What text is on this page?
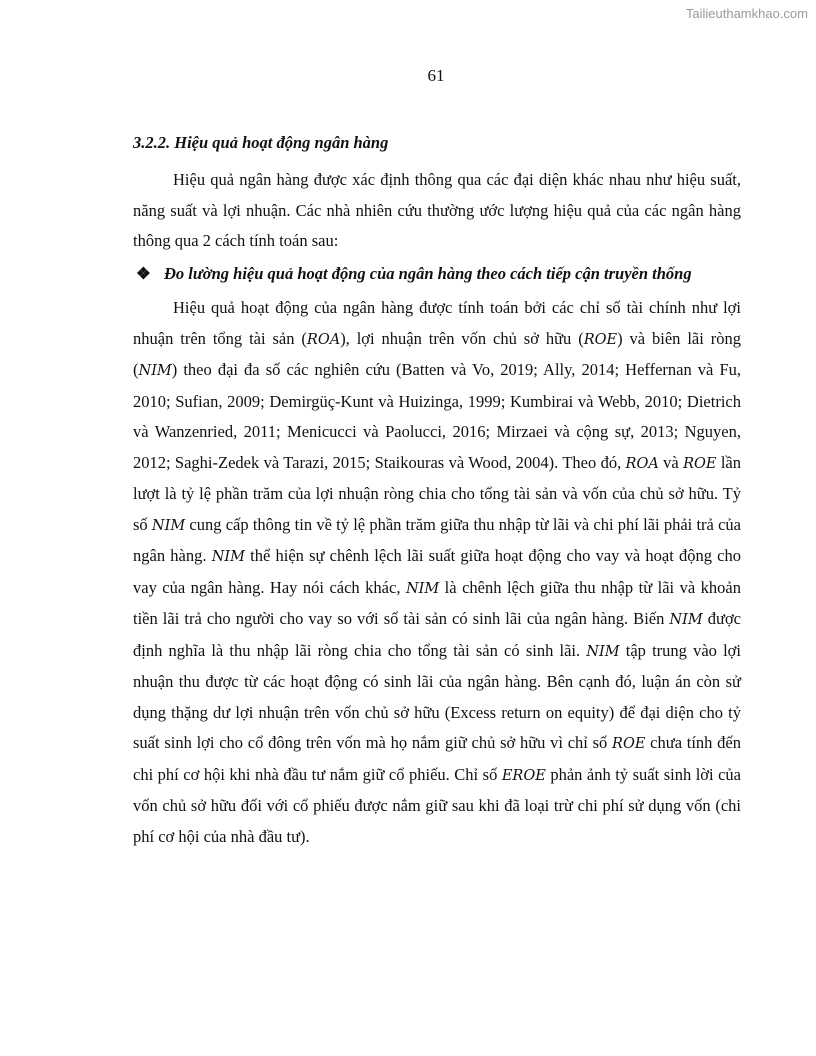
Tailieuthamkhao.com
61
3.2.2. Hiệu quả hoạt động ngân hàng

Hiệu quả ngân hàng được xác định thông qua các đại diện khác nhau như hiệu suất, năng suất và lợi nhuận. Các nhà nhiên cứu thường ước lượng hiệu quả của các ngân hàng thông qua 2 cách tính toán sau:

❖ Đo lường hiệu quả hoạt động của ngân hàng theo cách tiếp cận truyền thống

Hiệu quả hoạt động của ngân hàng được tính toán bởi các chỉ số tài chính như lợi nhuận trên tổng tài sản (𝑅𝑂𝐴), lợi nhuận trên vốn chủ sở hữu (𝑅𝑂𝐸) và biên lãi ròng (𝑁𝐼𝑀) theo đại đa số các nghiên cứu (Batten và Vo, 2019; Ally, 2014; Heffernan và Fu, 2010; Sufian, 2009; Demirgüç-Kunt và Huizinga, 1999; Kumbirai và Webb, 2010; Dietrich và Wanzenried, 2011; Menicucci và Paolucci, 2016; Mirzaei và cộng sự, 2013; Nguyen, 2012; Saghi-Zedek và Tarazi, 2015; Staikouras và Wood, 2004). Theo đó, 𝑅𝑂𝐴 và 𝑅𝑂𝐸 lần lượt là tỷ lệ phần trăm của lợi nhuận ròng chia cho tổng tài sản và vốn của chủ sở hữu. Tỷ số 𝑁𝐼𝑀 cung cấp thông tin về tỷ lệ phần trăm giữa thu nhập từ lãi và chi phí lãi phải trả của ngân hàng. 𝑁𝐼𝑀 thể hiện sự chênh lệch lãi suất giữa hoạt động cho vay và hoạt động cho vay của ngân hàng. Hay nói cách khác, 𝑁𝐼𝑀 là chênh lệch giữa thu nhập từ lãi và khoản tiền lãi trả cho người cho vay so với số tài sản có sinh lãi của ngân hàng. Biến 𝑁𝐼𝑀 được định nghĩa là thu nhập lãi ròng chia cho tổng tài sản có sinh lãi. 𝑁𝐼𝑀 tập trung vào lợi nhuận thu được từ các hoạt động có sinh lãi của ngân hàng. Bên cạnh đó, luận án còn sử dụng thặng dư lợi nhuận trên vốn chủ sở hữu (Excess return on equity) để đại diện cho tỷ suất sinh lợi cho cổ đông trên vốn mà họ nắm giữ chủ sở hữu vì chỉ số 𝑅𝑂𝐸 chưa tính đến chi phí cơ hội khi nhà đầu tư nắm giữ cổ phiếu. Chỉ số 𝐸𝑅𝑂𝐸 phản ảnh tỷ suất sinh lời của vốn chủ sở hữu đối với cổ phiếu được nắm giữ sau khi đã loại trừ chi phí sử dụng vốn (chi phí cơ hội của nhà đầu tư).
